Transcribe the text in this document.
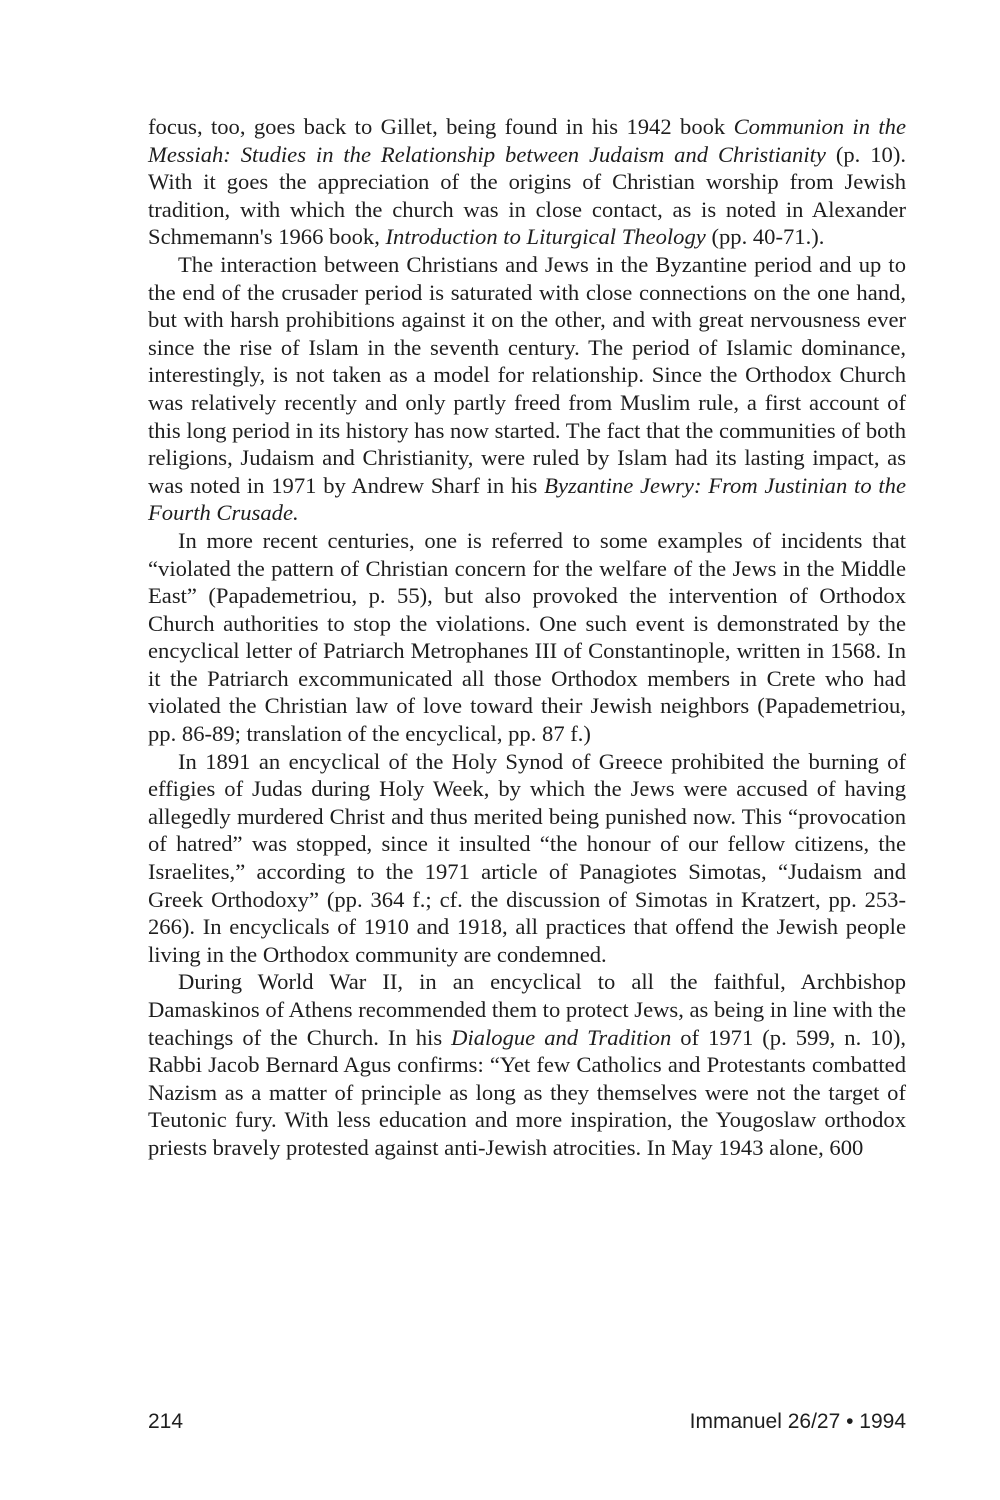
focus, too, goes back to Gillet, being found in his 1942 book Communion in the Messiah: Studies in the Relationship between Judaism and Christianity (p. 10). With it goes the appreciation of the origins of Christian worship from Jewish tradition, with which the church was in close contact, as is noted in Alexander Schmemann's 1966 book, Introduction to Liturgical Theology (pp. 40-71.).

The interaction between Christians and Jews in the Byzantine period and up to the end of the crusader period is saturated with close connections on the one hand, but with harsh prohibitions against it on the other, and with great nervousness ever since the rise of Islam in the seventh century. The period of Islamic dominance, interestingly, is not taken as a model for relationship. Since the Orthodox Church was relatively recently and only partly freed from Muslim rule, a first account of this long period in its history has now started. The fact that the communities of both religions, Judaism and Christianity, were ruled by Islam had its lasting impact, as was noted in 1971 by Andrew Sharf in his Byzantine Jewry: From Justinian to the Fourth Crusade.

In more recent centuries, one is referred to some examples of incidents that “violated the pattern of Christian concern for the welfare of the Jews in the Middle East” (Papademetriou, p. 55), but also provoked the intervention of Orthodox Church authorities to stop the violations. One such event is demonstrated by the encyclical letter of Patriarch Metrophanes III of Constantinople, written in 1568. In it the Patriarch excommunicated all those Orthodox members in Crete who had violated the Christian law of love toward their Jewish neighbors (Papademetriou, pp. 86-89; translation of the encyclical, pp. 87 f.)

In 1891 an encyclical of the Holy Synod of Greece prohibited the burning of effigies of Judas during Holy Week, by which the Jews were accused of having allegedly murdered Christ and thus merited being punished now. This “provocation of hatred” was stopped, since it insulted “the honour of our fellow citizens, the Israelites,” according to the 1971 article of Panagiotes Simotas, “Judaism and Greek Orthodoxy” (pp. 364 f.; cf. the discussion of Simotas in Kratzert, pp. 253-266). In encyclicals of 1910 and 1918, all practices that offend the Jewish people living in the Orthodox community are condemned.

During World War II, in an encyclical to all the faithful, Archbishop Damaskinos of Athens recommended them to protect Jews, as being in line with the teachings of the Church. In his Dialogue and Tradition of 1971 (p. 599, n. 10), Rabbi Jacob Bernard Agus confirms: “Yet few Catholics and Protestants combatted Nazism as a matter of principle as long as they themselves were not the target of Teutonic fury. With less education and more inspiration, the Yougoslaw orthodox priests bravely protested against anti-Jewish atrocities. In May 1943 alone, 600

214	Immanuel 26/27 • 1994
